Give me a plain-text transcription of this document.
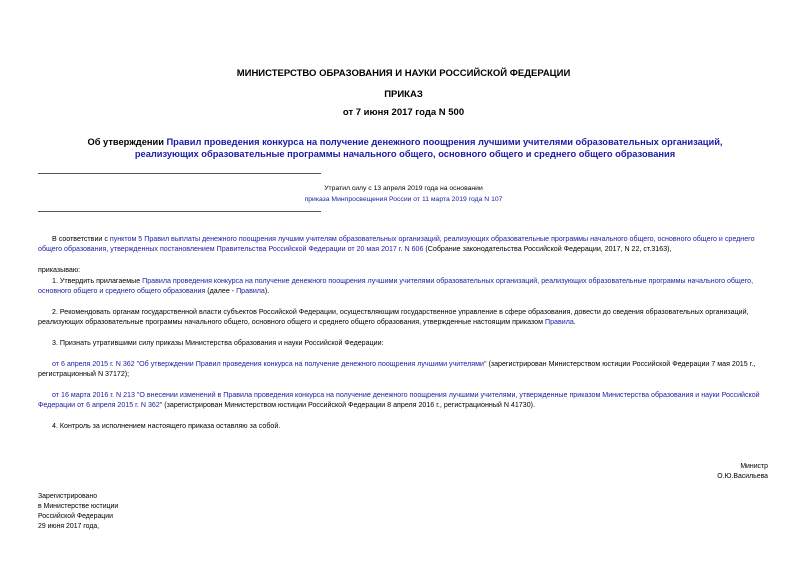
МИНИСТЕРСТВО ОБРАЗОВАНИЯ И НАУКИ РОССИЙСКОЙ ФЕДЕРАЦИИ
ПРИКАЗ
от 7 июня 2017 года N 500
Об утверждении Правил проведения конкурса на получение денежного поощрения лучшими учителями образовательных организаций, реализующих образовательные программы начального общего, основного общего и среднего общего образования
Утратил силу с 13 апреля 2019 года на основании
приказа Минпросвещения России от 11 марта 2019 года N 107
В соответствии с пунктом 5 Правил выплаты денежного поощрения лучшим учителям образовательных организаций, реализующих образовательные программы начального общего, основного общего и среднего общего образования, утвержденных постановлением Правительства Российской Федерации от 20 мая 2017 г. N 606 (Собрание законодательства Российской Федерации, 2017, N 22, ст.3163),
приказываю:
1. Утвердить прилагаемые Правила проведения конкурса на получение денежного поощрения лучшими учителями образовательных организаций, реализующих образовательные программы начального общего, основного общего и среднего общего образования (далее - Правила).
2. Рекомендовать органам государственной власти субъектов Российской Федерации, осуществляющим государственное управление в сфере образования, довести до сведения образовательных организаций, реализующих образовательные программы начального общего, основного общего и среднего общего образования, утвержденные настоящим приказом Правила.
3. Признать утратившими силу приказы Министерства образования и науки Российской Федерации:
от 6 апреля 2015 г. N 362 "Об утверждении Правил проведения конкурса на получение денежного поощрения лучшими учителями" (зарегистрирован Министерством юстиции Российской Федерации 7 мая 2015 г., регистрационный N 37172);
от 16 марта 2016 г. N 213 "О внесении изменений в Правила проведения конкурса на получение денежного поощрения лучшими учителями, утвержденные приказом Министерства образования и науки Российской Федерации от 6 апреля 2015 г. N 362" (зарегистрирован Министерством юстиции Российской Федерации 8 апреля 2016 г., регистрационный N 41730).
4. Контроль за исполнением настоящего приказа оставляю за собой.
Министр
О.Ю.Васильева
Зарегистрировано
в Министерстве юстиции
Российской Федерации
29 июня 2017 года,
